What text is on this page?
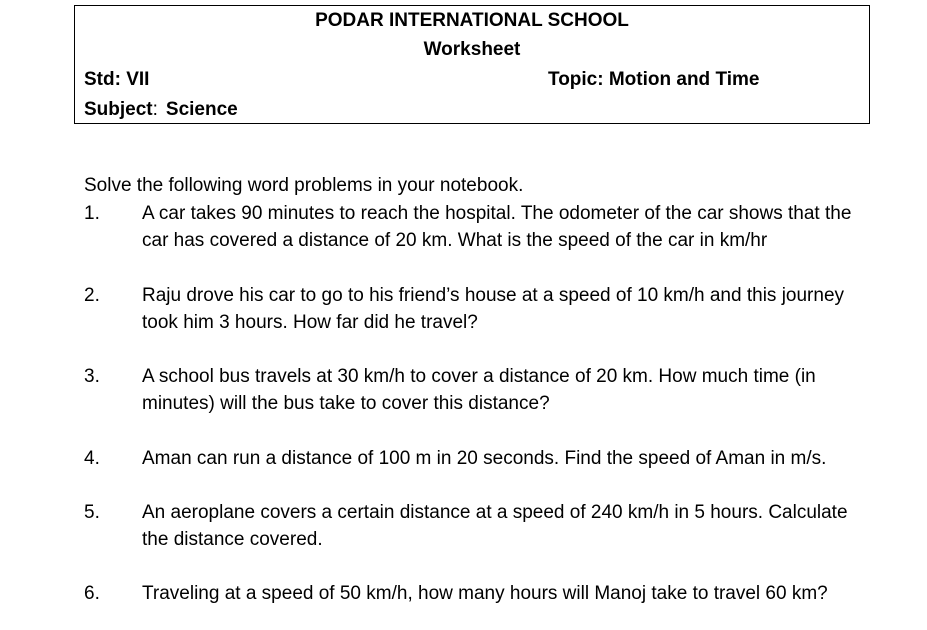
PODAR INTERNATIONAL SCHOOL
Worksheet
Std: VII	Topic: Motion and Time
Subject: Science
Solve the following word problems in your notebook.
1.	A car takes 90 minutes to reach the hospital. The odometer of the car shows that the car has covered a distance of 20 km. What is the speed of the car in km/hr
2.	Raju drove his car to go to his friend’s house at a speed of 10 km/h and this journey took him 3 hours. How far did he travel?
3.	A school bus travels at 30 km/h to cover a distance of 20 km. How much time (in minutes) will the bus take to cover this distance?
4.	Aman can run a distance of 100 m in 20 seconds. Find the speed of Aman in m/s.
5.	An aeroplane covers a certain distance at a speed of 240 km/h in 5 hours. Calculate the distance covered.
6.	Traveling at a speed of 50 km/h, how many hours will Manoj take to travel 60 km?
